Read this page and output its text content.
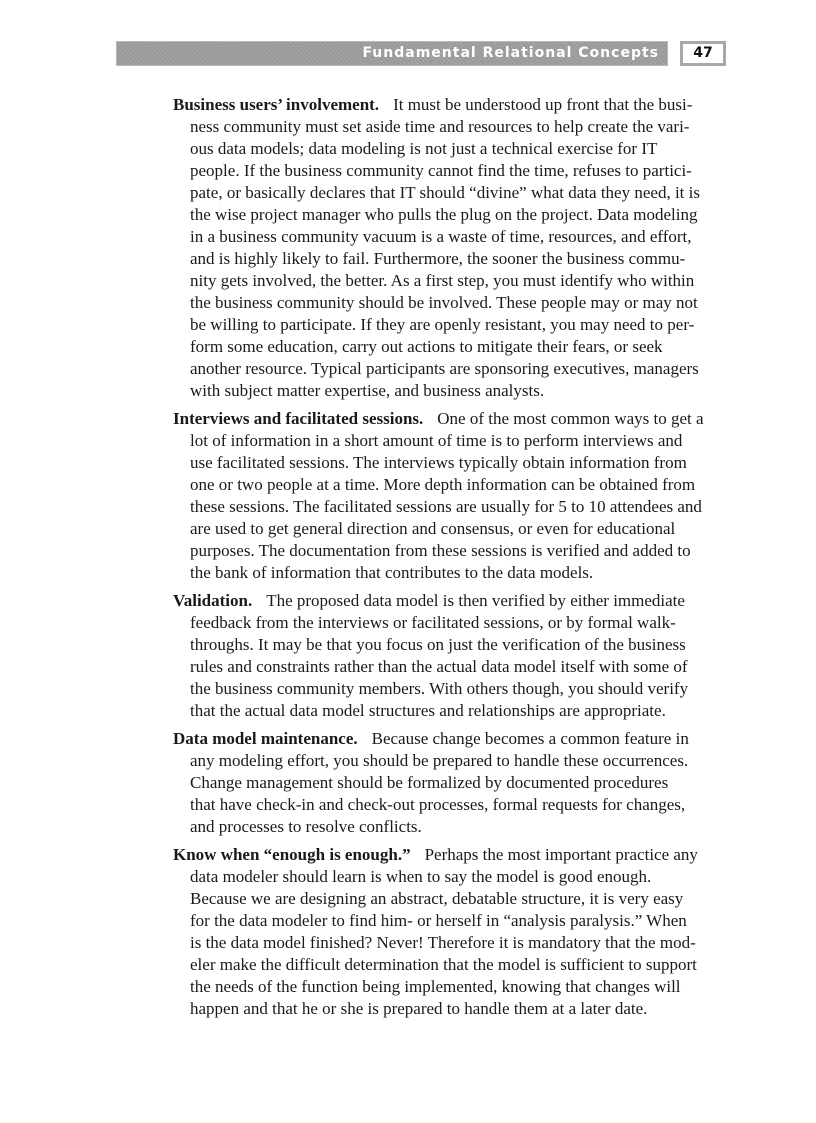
Fundamental Relational Concepts	47
Business users’ involvement. It must be understood up front that the busi-
ness community must set aside time and resources to help create the vari-
ous data models; data modeling is not just a technical exercise for IT
people. If the business community cannot find the time, refuses to partici-
pate, or basically declares that IT should “divine” what data they need, it is
the wise project manager who pulls the plug on the project. Data modeling
in a business community vacuum is a waste of time, resources, and effort,
and is highly likely to fail. Furthermore, the sooner the business commu-
nity gets involved, the better. As a first step, you must identify who within
the business community should be involved. These people may or may not
be willing to participate. If they are openly resistant, you may need to per-
form some education, carry out actions to mitigate their fears, or seek
another resource. Typical participants are sponsoring executives, managers
with subject matter expertise, and business analysts.
Interviews and facilitated sessions. One of the most common ways to get a
lot of information in a short amount of time is to perform interviews and
use facilitated sessions. The interviews typically obtain information from
one or two people at a time. More depth information can be obtained from
these sessions. The facilitated sessions are usually for 5 to 10 attendees and
are used to get general direction and consensus, or even for educational
purposes. The documentation from these sessions is verified and added to
the bank of information that contributes to the data models.
Validation. The proposed data model is then verified by either immediate
feedback from the interviews or facilitated sessions, or by formal walk-
throughs. It may be that you focus on just the verification of the business
rules and constraints rather than the actual data model itself with some of
the business community members. With others though, you should verify
that the actual data model structures and relationships are appropriate.
Data model maintenance. Because change becomes a common feature in
any modeling effort, you should be prepared to handle these occurrences.
Change management should be formalized by documented procedures
that have check-in and check-out processes, formal requests for changes,
and processes to resolve conflicts.
Know when “enough is enough.” Perhaps the most important practice any
data modeler should learn is when to say the model is good enough.
Because we are designing an abstract, debatable structure, it is very easy
for the data modeler to find him- or herself in “analysis paralysis.” When
is the data model finished? Never! Therefore it is mandatory that the mod-
eler make the difficult determination that the model is sufficient to support
the needs of the function being implemented, knowing that changes will
happen and that he or she is prepared to handle them at a later date.
